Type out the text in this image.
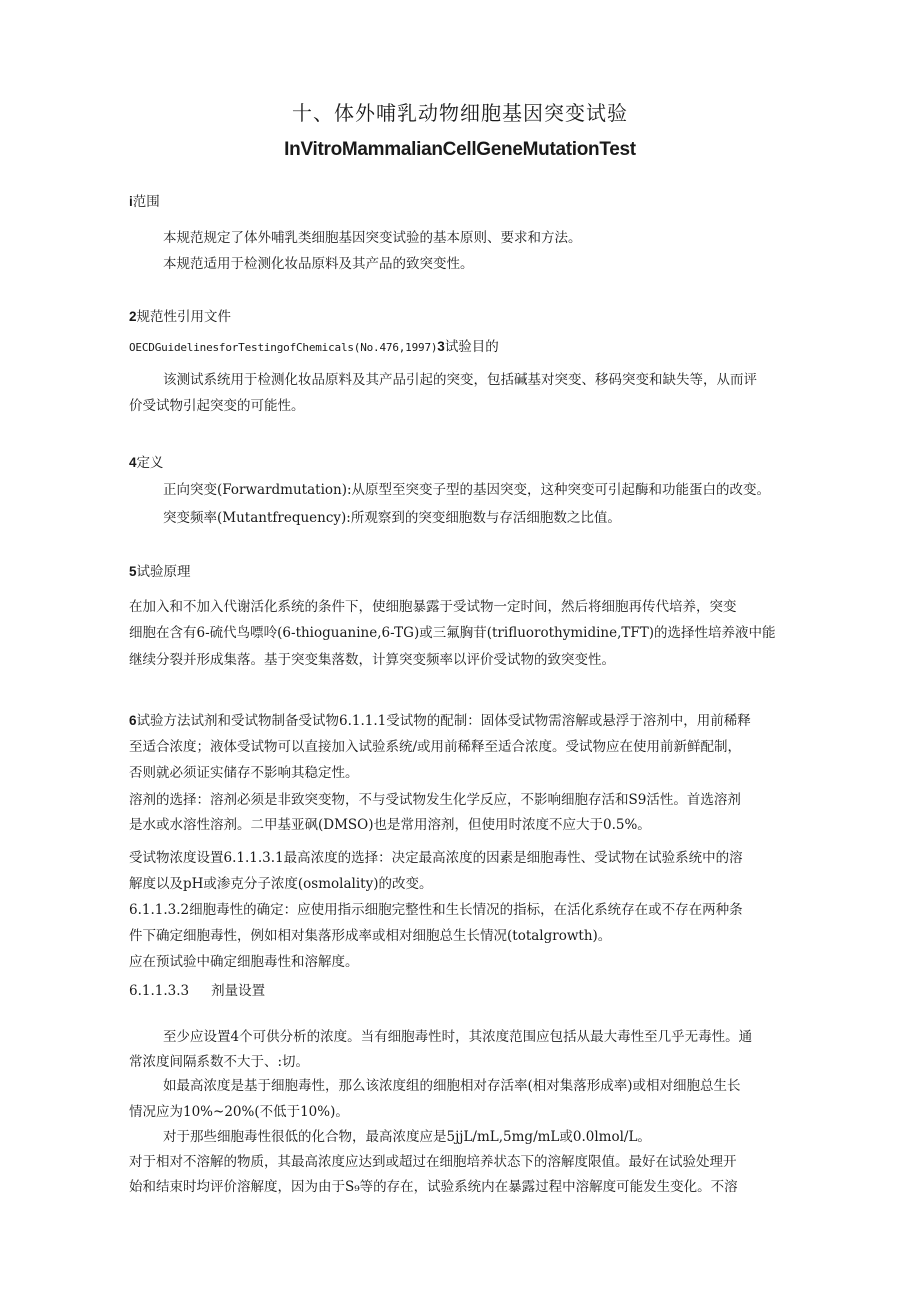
十、体外哺乳动物细胞基因突变试验
InVitroMammalianCellGeneMutationTest
i范围
本规范规定了体外哺乳类细胞基因突变试验的基本原则、要求和方法。
本规范适用于检测化妆品原料及其产品的致突变性。
2规范性引用文件
OECDGuidelinesforTestingofChemicals(No.476,1997)3试验目的
该测试系统用于检测化妆品原料及其产品引起的突变，包括碱基对突变、移码突变和缺失等，从而评
价受试物引起突变的可能性。
4定义
正向突变(Forwardmutation):从原型至突变子型的基因突变，这种突变可引起酶和功能蛋白的改变。
突变频率(Mutantfrequency):所观察到的突变细胞数与存活细胞数之比值。
5试验原理
在加入和不加入代谢活化系统的条件下，使细胞暴露于受试物一定时间，然后将细胞再传代培养，突变
细胞在含有6-硫代鸟嘌呤(6-thioguanine,6-TG)或三氟胸苷(trifluorothymidine,TFT)的选择性培养液中能
继续分裂并形成集落。基于突变集落数，计算突变频率以评价受试物的致突变性。
6试验方法试剂和受试物制备受试物6.1.1.1受试物的配制：固体受试物需溶解或悬浮于溶剂中，用前稀释
至适合浓度；液体受试物可以直接加入试验系统/或用前稀释至适合浓度。受试物应在使用前新鲜配制，
否则就必须证实储存不影响其稳定性。
溶剂的选择：溶剂必须是非致突变物，不与受试物发生化学反应，不影响细胞存活和S9活性。首选溶剂
是水或水溶性溶剂。二甲基亚砜(DMSO)也是常用溶剂，但使用时浓度不应大于0.5%。
受试物浓度设置6.1.1.3.1最高浓度的选择：决定最高浓度的因素是细胞毒性、受试物在试验系统中的溶
解度以及pH或渗克分子浓度(osmolality)的改变。
6.1.1.3.2细胞毒性的确定：应使用指示细胞完整性和生长情况的指标，在活化系统存在或不存在两种条
件下确定细胞毒性，例如相对集落形成率或相对细胞总生长情况(totalgrowth)。
应在预试验中确定细胞毒性和溶解度。
6.1.1.3.3 剂量设置
至少应设置4个可供分析的浓度。当有细胞毒性时，其浓度范围应包括从最大毒性至几乎无毒性。通
常浓度间隔系数不大于、:切。
如最高浓度是基于细胞毒性，那么该浓度组的细胞相对存活率(相对集落形成率)或相对细胞总生长
情况应为10%~20%(不低于10%)。
对于那些细胞毒性很低的化合物，最高浓度应是5jjL/mL,5mg/mL或0.0lmol/L。
对于相对不溶解的物质，其最高浓度应达到或超过在细胞培养状态下的溶解度限值。最好在试验处理开
始和结束时均评价溶解度，因为由于S₉等的存在，试验系统内在暴露过程中溶解度可能发生变化。不溶
